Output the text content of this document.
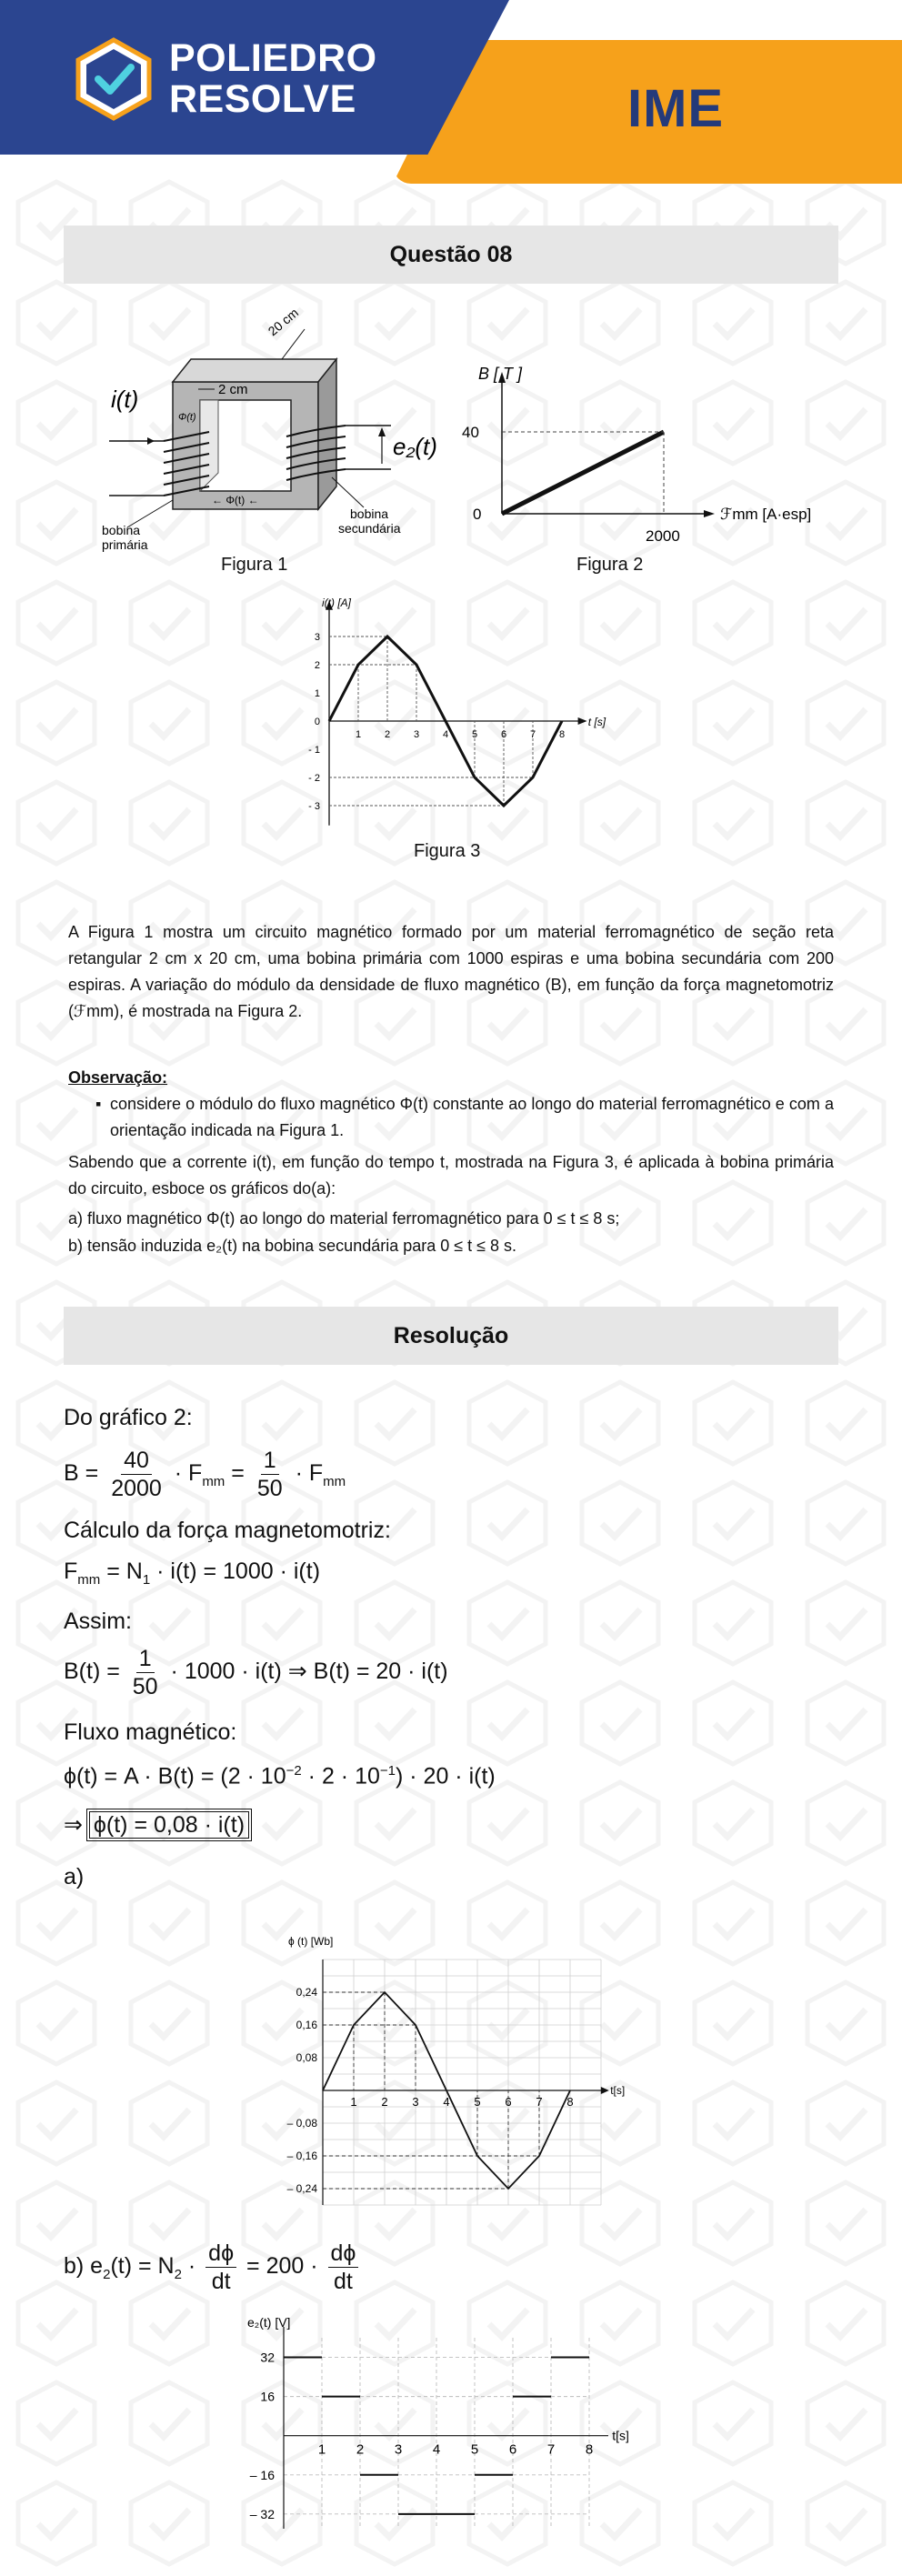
POLIEDRO
RESOLVE	IME
Questão 08
i(t)
e₂(t)
20 cm
2 cm
Φ(t)
← Φ(t) ←
bobina
primária
bobina
secundária
Figura 1
B [ T ]
ℱmm [A·esp]
40
0
2000
Figura 2
3
2
1
0
- 1
- 2
- 3
1 2 3 4 5 6 7 8
i(t) [A]
t [s]
Figura 3
A Figura 1 mostra um circuito magnético formado por um material ferromagnético de seção reta retangular 2 cm x 20 cm, uma bobina primária com 1000 espiras e uma bobina secundária com 200 espiras. A variação do módulo da densidade de fluxo magnético (B), em função da força magnetomotriz (ℱmm), é mostrada na Figura 2.
Observação:
▪ considere o módulo do fluxo magnético Φ(t) constante ao longo do material ferromagnético e com a orientação indicada na Figura 1.
Sabendo que a corrente i(t), em função do tempo t, mostrada na Figura 3, é aplicada à bobina primária do circuito, esboce os gráficos do(a):
a) fluxo magnético Φ(t) ao longo do material ferromagnético para 0 ≤ t ≤ 8 s;
b) tensão induzida e₂(t) na bobina secundária para 0 ≤ t ≤ 8 s.
Resolução
Do gráfico 2:
$B = \frac{40}{2000} \cdot F_{mm} = \frac{1}{50} \cdot F_{mm}$
Cálculo da força magnetomotriz:
$F_{mm} = N_1 \cdot i(t) = 1000 \cdot i(t)$
Assim:
$B(t) = \frac{1}{50} \cdot 1000 \cdot i(t)$ ⇒ B(t) = 20 · i(t)
Fluxo magnético:
$\phi(t) = A \cdot B(t) = (2 \cdot 10^{-2} \cdot 2 \cdot 10^{-1}) \cdot 20 \cdot i(t)$
⇒ ϕ(t) = 0,08 · i(t)
a)
0,24
0,16
0,08
– 0,08
– 0,16
– 0,24
1 2 3 4 5 6 7 8
ϕ (t) [Wb]
t[s]
b) $e_2(t) = N_2 \cdot \frac{d\phi}{dt} = 200 \cdot \frac{d\phi}{dt}$
32
16
– 16
– 32
1 2 3 4 5 6 7 8
e₂(t) [V]
t[s]
